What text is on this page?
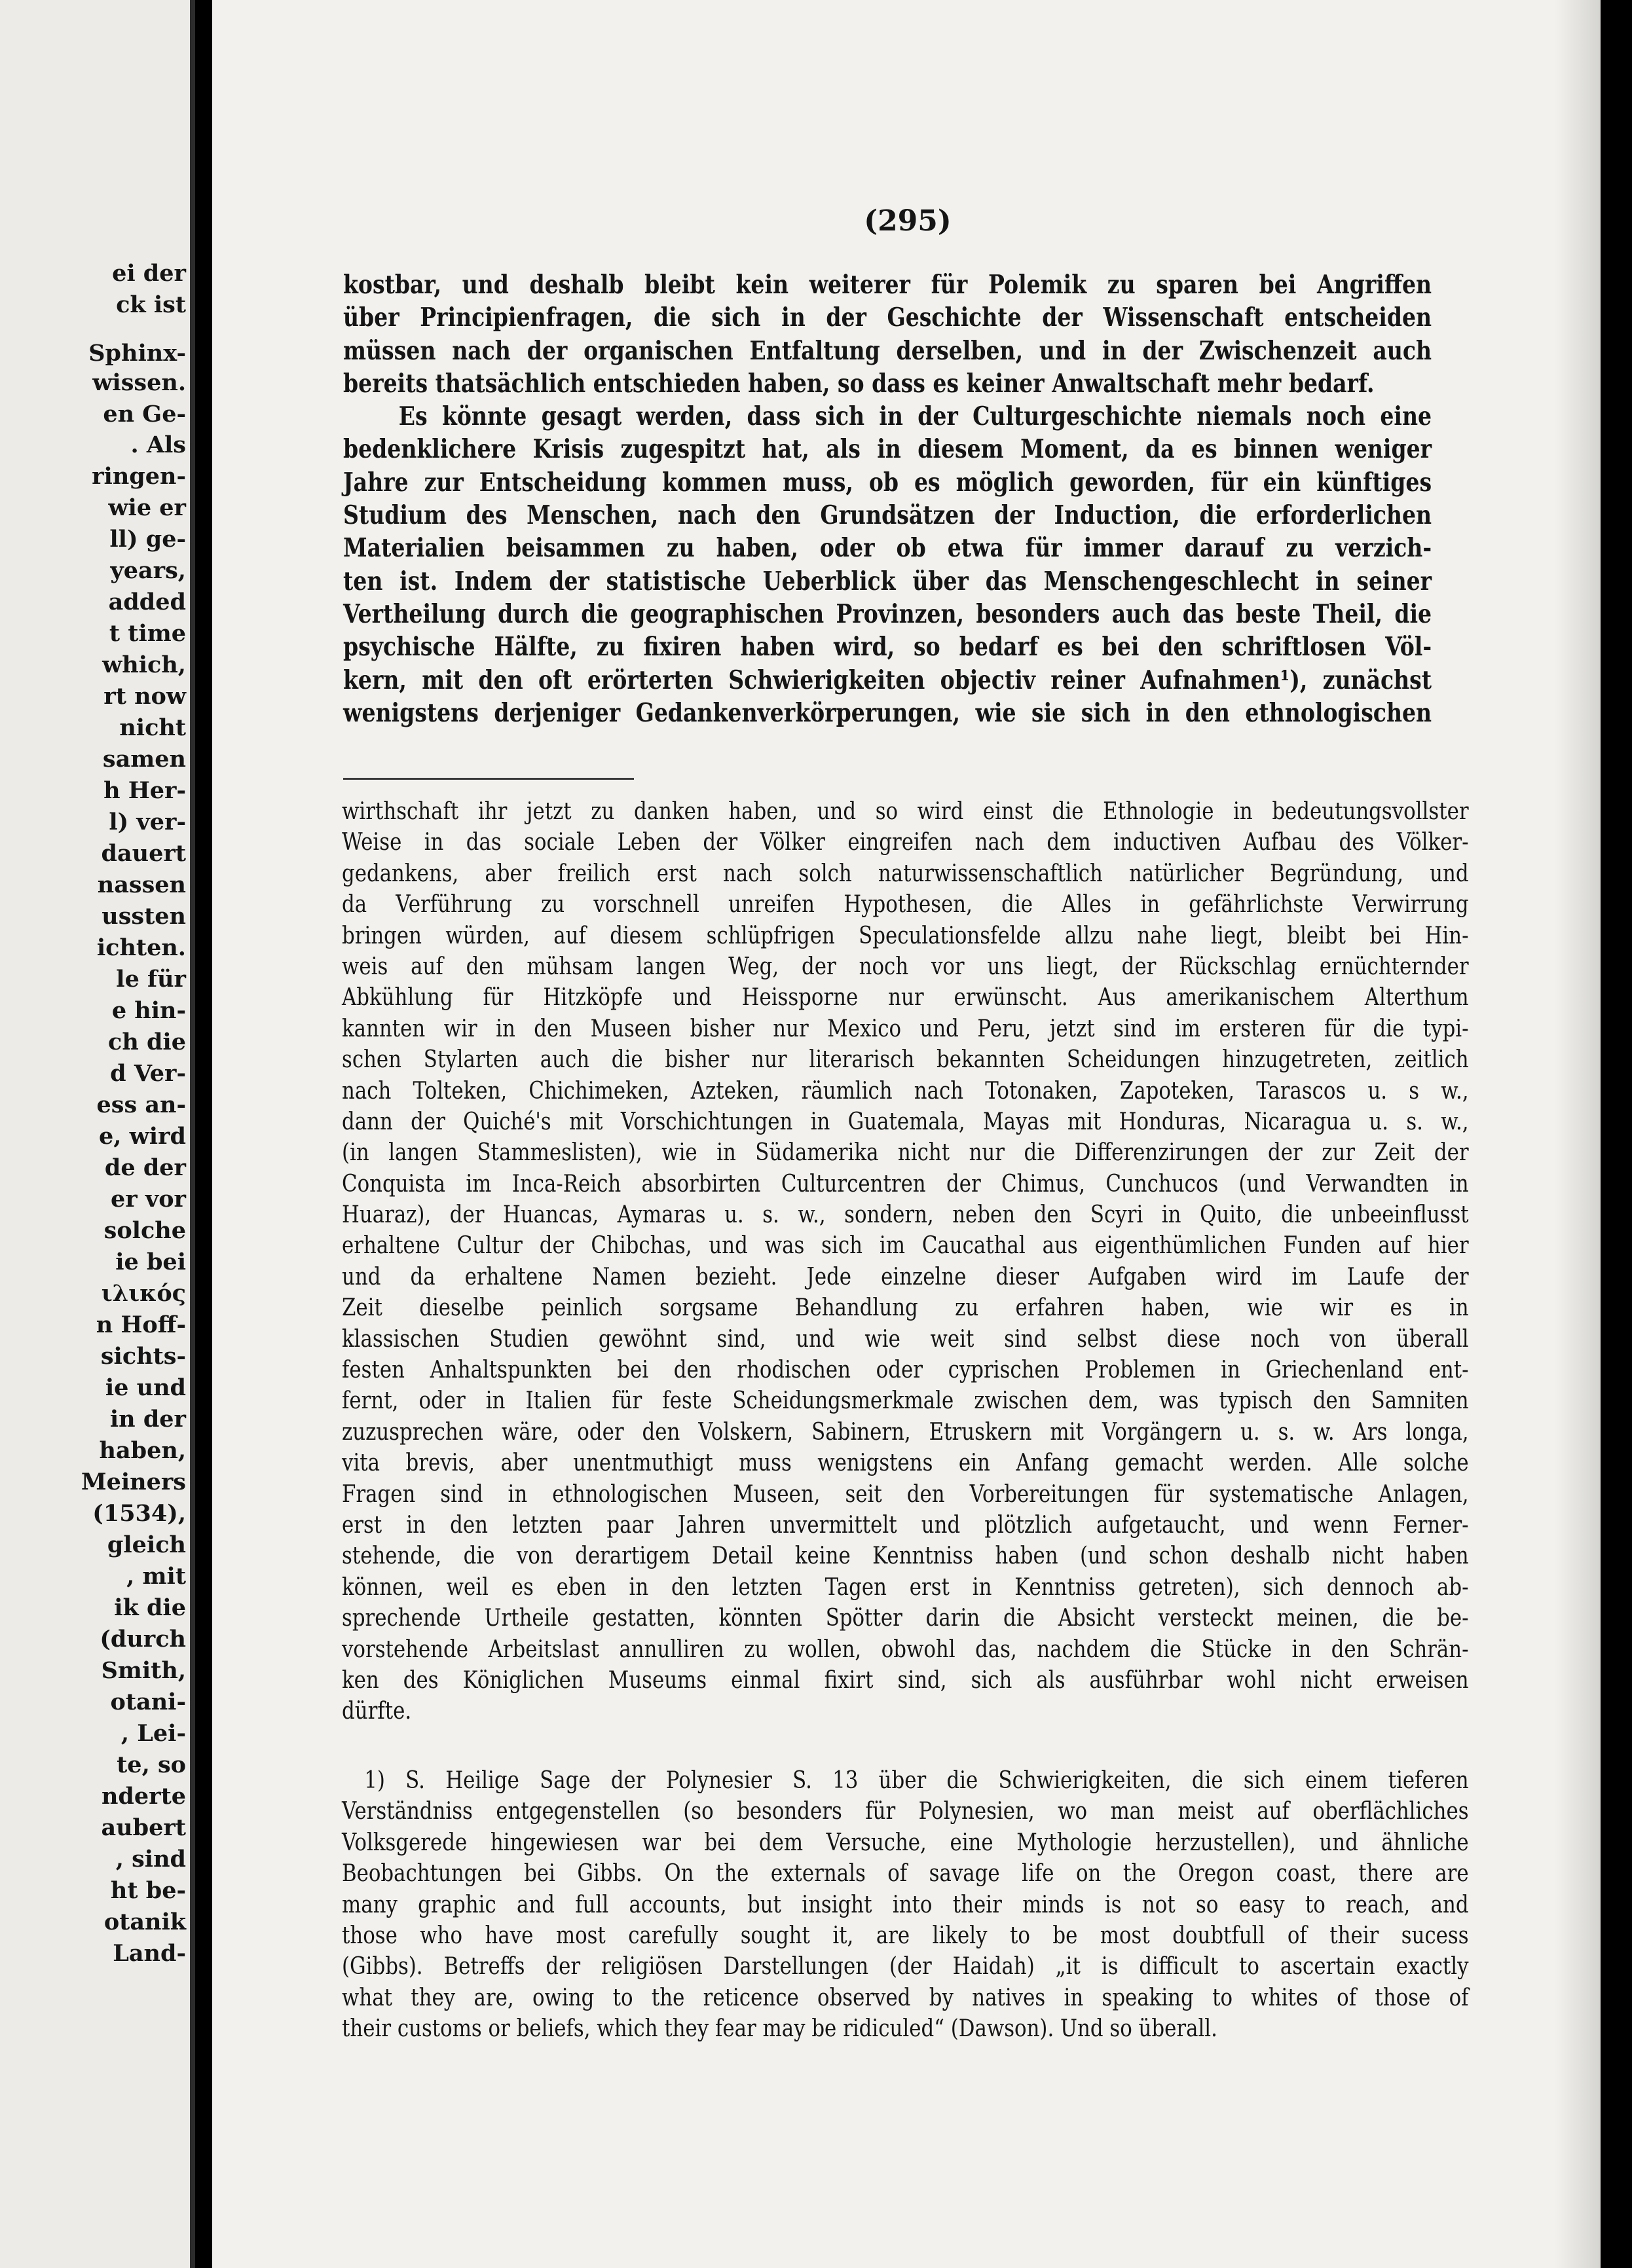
ei der
ck ist
Sphinx-
wissen.
en Ge-
. Als
ringen-
wie er
ll) ge-
years,
added
t time
which,
rt now
nicht
samen
h Her-
l) ver-
dauert
nassen
ussten
ichten.
le für
e hin-
ch die
d Ver-
ess an-
e, wird
de der
er vor
solche
ie bei
ιλικός
n Hoff-
sichts-
ie und
in der
haben,
Meiners
(1534),
gleich
, mit
ik die
(durch
Smith,
otani-
, Lei-
te, so
nderte
aubert
, sind
ht be-
otanik
Land-
(295)
kostbar, und deshalb bleibt kein weiterer für Polemik zu sparen bei Angriffen
über Principienfragen, die sich in der Geschichte der Wissenschaft entscheiden
müssen nach der organischen Entfaltung derselben, und in der Zwischenzeit auch
bereits thatsächlich entschieden haben, so dass es keiner Anwaltschaft mehr bedarf.
Es könnte gesagt werden, dass sich in der Culturgeschichte niemals noch eine
bedenklichere Krisis zugespitzt hat, als in diesem Moment, da es binnen weniger
Jahre zur Entscheidung kommen muss, ob es möglich geworden, für ein künftiges
Studium des Menschen, nach den Grundsätzen der Induction, die erforderlichen
Materialien beisammen zu haben, oder ob etwa für immer darauf zu verzich-
ten ist. Indem der statistische Ueberblick über das Menschengeschlecht in seiner
Vertheilung durch die geographischen Provinzen, besonders auch das beste Theil, die
psychische Hälfte, zu fixiren haben wird, so bedarf es bei den schriftlosen Völ-
kern, mit den oft erörterten Schwierigkeiten objectiv reiner Aufnahmen¹), zunächst
wenigstens derjeniger Gedankenverkörperungen, wie sie sich in den ethnologischen
wirthschaft ihr jetzt zu danken haben, und so wird einst die Ethnologie in bedeutungsvollster
Weise in das sociale Leben der Völker eingreifen nach dem inductiven Aufbau des Völker-
gedankens, aber freilich erst nach solch naturwissenschaftlich natürlicher Begründung, und
da Verführung zu vorschnell unreifen Hypothesen, die Alles in gefährlichste Verwirrung
bringen würden, auf diesem schlüpfrigen Speculationsfelde allzu nahe liegt, bleibt bei Hin-
weis auf den mühsam langen Weg, der noch vor uns liegt, der Rückschlag ernüchternder
Abkühlung für Hitzköpfe und Heissporne nur erwünscht. Aus amerikanischem Alterthum
kannten wir in den Museen bisher nur Mexico und Peru, jetzt sind im ersteren für die typi-
schen Stylarten auch die bisher nur literarisch bekannten Scheidungen hinzugetreten, zeitlich
nach Tolteken, Chichimeken, Azteken, räumlich nach Totonaken, Zapoteken, Tarascos u. s w.,
dann der Quiché's mit Vorschichtungen in Guatemala, Mayas mit Honduras, Nicaragua u. s. w.,
(in langen Stammeslisten), wie in Südamerika nicht nur die Differenzirungen der zur Zeit der
Conquista im Inca-Reich absorbirten Culturcentren der Chimus, Cunchucos (und Verwandten in
Huaraz), der Huancas, Aymaras u. s. w., sondern, neben den Scyri in Quito, die unbeeinflusst
erhaltene Cultur der Chibchas, und was sich im Caucathal aus eigenthümlichen Funden auf hier
und da erhaltene Namen bezieht. Jede einzelne dieser Aufgaben wird im Laufe der
Zeit dieselbe peinlich sorgsame Behandlung zu erfahren haben, wie wir es in
klassischen Studien gewöhnt sind, und wie weit sind selbst diese noch von überall
festen Anhaltspunkten bei den rhodischen oder cyprischen Problemen in Griechenland ent-
fernt, oder in Italien für feste Scheidungsmerkmale zwischen dem, was typisch den Samniten
zuzusprechen wäre, oder den Volskern, Sabinern, Etruskern mit Vorgängern u. s. w. Ars longa,
vita brevis, aber unentmuthigt muss wenigstens ein Anfang gemacht werden. Alle solche
Fragen sind in ethnologischen Museen, seit den Vorbereitungen für systematische Anlagen,
erst in den letzten paar Jahren unvermittelt und plötzlich aufgetaucht, und wenn Ferner-
stehende, die von derartigem Detail keine Kenntniss haben (und schon deshalb nicht haben
können, weil es eben in den letzten Tagen erst in Kenntniss getreten), sich dennoch ab-
sprechende Urtheile gestatten, könnten Spötter darin die Absicht versteckt meinen, die be-
vorstehende Arbeitslast annulliren zu wollen, obwohl das, nachdem die Stücke in den Schrän-
ken des Königlichen Museums einmal fixirt sind, sich als ausführbar wohl nicht erweisen
dürfte.
1) S. Heilige Sage der Polynesier S. 13 über die Schwierigkeiten, die sich einem tieferen
Verständniss entgegenstellen (so besonders für Polynesien, wo man meist auf oberflächliches
Volksgerede hingewiesen war bei dem Versuche, eine Mythologie herzustellen), und ähnliche
Beobachtungen bei Gibbs. On the externals of savage life on the Oregon coast, there are
many graphic and full accounts, but insight into their minds is not so easy to reach, and
those who have most carefully sought it, are likely to be most doubtfull of their sucess
(Gibbs). Betreffs der religiösen Darstellungen (der Haidah) „it is difficult to ascertain exactly
what they are, owing to the reticence observed by natives in speaking to whites of those of
their customs or beliefs, which they fear may be ridiculed“ (Dawson). Und so überall.
